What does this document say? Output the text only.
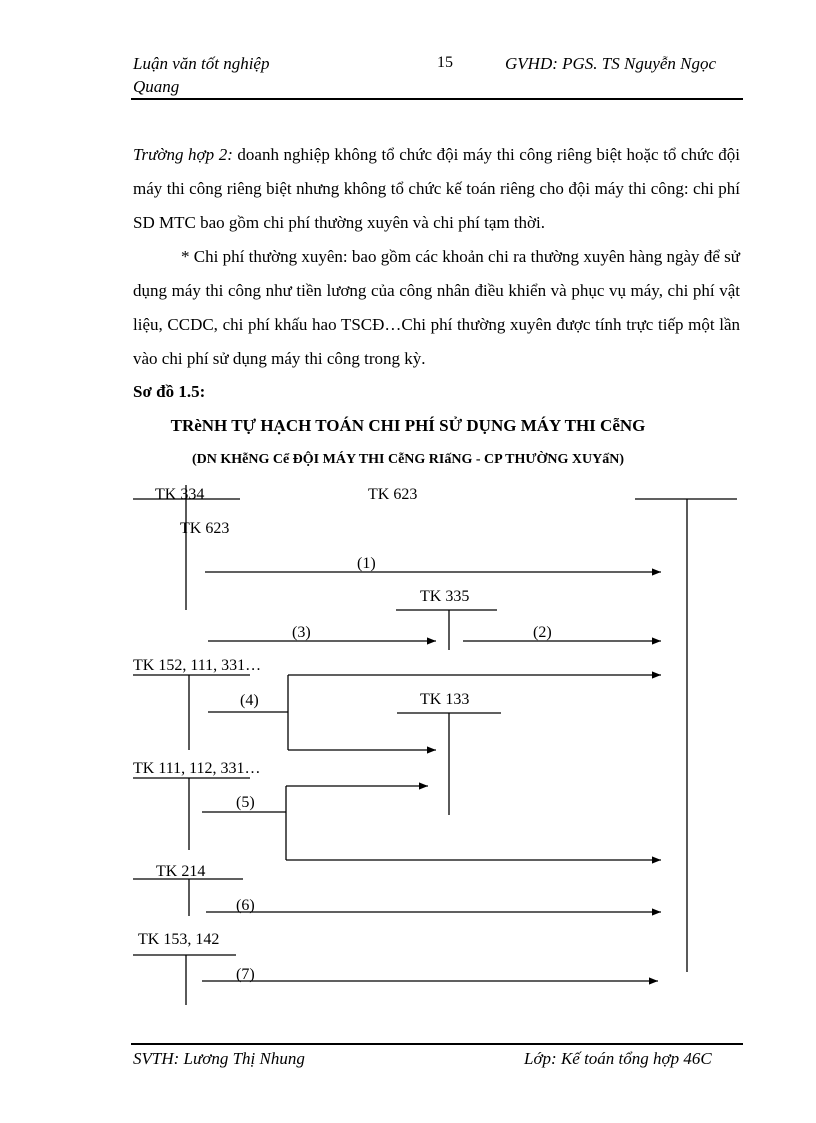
Luận văn tốt nghiệp
Quang
15	GVHD: PGS. TS Nguyễn Ngọc
Trường hợp 2: doanh nghiệp không tổ chức đội máy thi công riêng biệt hoặc tổ chức đội máy thi công riêng biệt nhưng không tổ chức kế toán riêng cho đội máy thi công: chi phí SD MTC bao gồm chi phí thường xuyên và chi phí tạm thời.
* Chi phí thường xuyên: bao gồm các khoản chi ra thường xuyên hàng ngày để sử dụng máy thi công như tiền lương của công nhân điều khiển và phục vụ máy, chi phí vật liệu, CCDC, chi phí khấu hao TSCĐ…Chi phí thường xuyên được tính trực tiếp một lần vào chi phí sử dụng máy thi công trong kỳ.
Sơ đồ 1.5:
TRèNH TỰ HẠCH TOÁN CHI PHÍ SỬ DỤNG MÁY THI CễNG
(DN KHễNG Cể ĐỘI MÁY THI CễNG RIấNG - CP THƯỜNG XUYấN)
TK 334
TK 623
TK 623
(1)
TK 335
(3)	(2)
TK 152, 111, 331…
(4)	TK 133
TK 111, 112, 331…
(5)
TK 214
(6)
TK 153, 142
(7)
SVTH: Lương Thị Nhung	Lớp: Kế toán tổng hợp 46C
